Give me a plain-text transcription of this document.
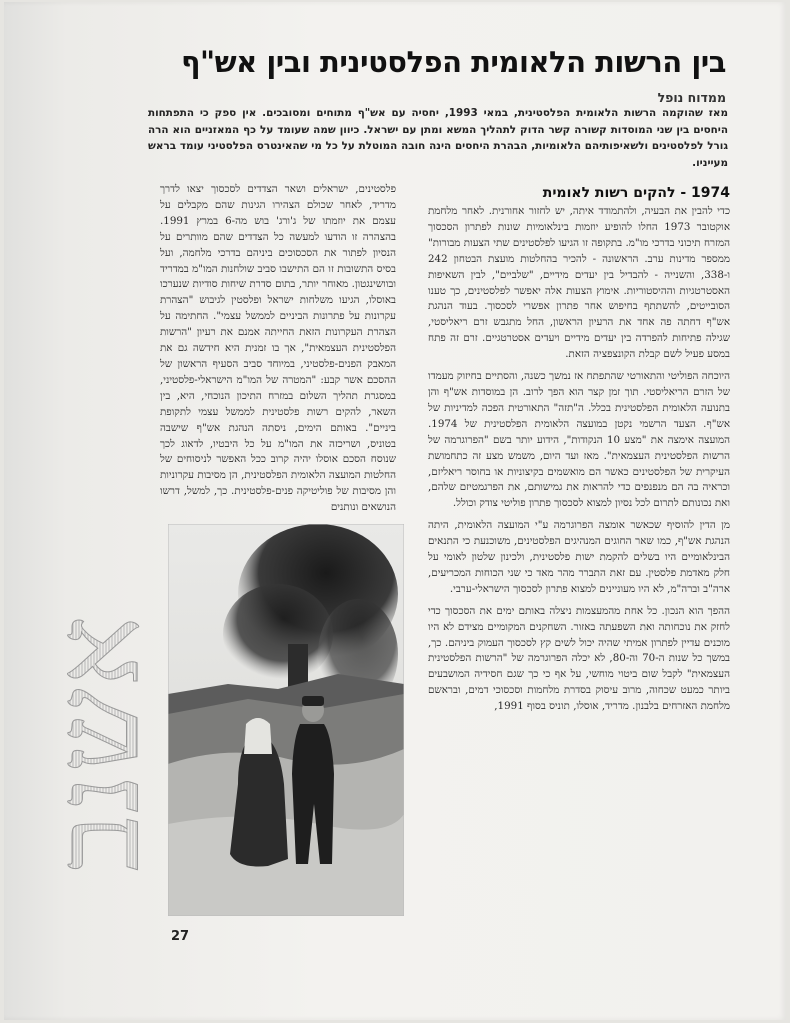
בין הרשות הלאומית הפלסטינית ובין אש"ף
ממדוח נופל
מאז שהוקמה הרשות הלאומית הפלסטינית, במאי 1993, יחסיה עם אש"ף מתוחים ומסובכים. אין ספק כי התפתחות היחסים בין שני המוסדות קשורה קשר הדוק לתהליך המשא ומתן עם ישראל. כיוון שמה שעומד על כף המאזניים הוא הרה גורל לפלסטינים ולשאיפותיהם הלאומיות, הבהרת היחסים הינה חובה המוטלת על כל מי שהאינטרס הפלסטיני עומד בראש מעייניו.
1974 - להקים רשות לאומית

כדי להבין את הבעיה, ולהתמודד איתה, יש לחזור אחורנית. לאחר מלחמת אוקטובר 1973 החלו להופיע יוזמות בינלאומיות שונות לפתרון הסכסוך המזרח תיכוני בדרכי מו"מ. בתקופה זו הגיעו לפלסטינים שתי הצעות מבורות" ממספר מדינות ערב. הראשונה - להכיר בהחלטות מועצת הבטחון 242 ו-338, והשנייה - להבדיל בין יעדים מידיים, "שלביים", לבין השאיפות האסטרטגיות וההיסטוריות. אימוץ הצעות אלה יאפשר לפלסטינים, כך טענו הסובייטים, להשתתף בחיפוש אחר פתרון אפשרי לסכסוך. בעוד הנהגת אש"ף דחתה פה אחד את הרעיון הראשון, החל מתגבש זרם ריאליסטי, שגילה פתיחות להפרדה בין יעדים מידיים ויעדים אסטרטגיים. זרם זה פתח במסע פעיל לשם קבלת הקונצפציה הזאת.

היוכחה הפוליטי והתאורטי שהתפתח אז נמשך כשנה, והסתיים בחיזוק מעמדו של הזרם הריאליסטי. תוך זמן קצר הוא הפך לרוב. הן במוסדות אש"ף והן בתנועה הלאומית הפלסטינית בכלל. ה"תזה" התאורטית הפכה למדיניות של אש"ף. הצעד הרשמי נקטן במועצה הלאומית הפלסטינית של 1974. המועצה אימצה את "מצע 10 הנקודות", הידוע יותר בשם "הפרוגרמה של הרשות הפלסטינית העצמאית". מאז ועד היום, משמש מצע זה כתחמושת העיקרית של הפלסטינים כאשר הם מואשמים בקיצוניות או בחוסר ריאליזם, וכראיה בה הם מנפנפים כדי להראות את גמישותם, את הפרגמטיזם שלהם, ואת נכונותם לתרום לכל נסיון למצוא לסכסוך פתרון פוליטי צודק וכולל.

מן הדין להוסיף שכאשר אומצה הפרוגרמה ע"י המועצה הלאומית, היתה הנהגת אש"ף, כמו שאר החוגים המנהיגים הפלסטינים, משוכנעת כי התנאים הבינלאומיים היו בשלים להקמת ישות פלסטינית, ולכינון שלטון לאומי על חלק מאדמת פלסטין. עם זאת התברר מהר מאד כי שני הכוחות המכריעים, ארה"ב וברה"מ, לא היו מעוניינים למצוא פתרון לסכסוך הישראלי-ערבי.

ההפך הוא הנכון. כל אחת מהמעצמות ניצלה באותם ימים את הסכסוך כדי לחזק את נוכחותה ואת השפעתה באזור. השחקנים המקומיים מצידם לא היו מוכנים עדיין לפתרון אמיתי שהיה יכול לשים קץ לסכסוך העמוק ביניהם. כך, במשך כל שנות ה-70 וה-80, לא יכלה הפרוגרמה של "הרשות הפלסטינית העצמאית" לקבל שום ביטוי מוחשי, על אף כי כך שגם חסידיה המושבעים ביותר כמעט שכחוה, מרוב עיסוק בסדרת מלחמות וסכסוכי דמים, ובראשם מלחמת האזרחים בלבנון. מדריד, אוסלו, תוניס בסוף 1991,

פלסטינים, ישראלים ושאר הצדדים לסכסוך יצאו לדרך מדריד, לאחר שכולם הצהירו הגינות שהם מקבלים על עצמם את יוזמתו של ג'ורג' בוש מה-6 במרץ 1991. בהצהרה זו הודעו למעשה כל הצדדים שהם מוותרים על הנסיון לפתור את הסכסוכים ביניהם בדרכי מלחמה, ועל בסיס התשובות זו הם התישבו סביב שולחנות המו"מ במדריד ובוושינגטון. מאוחר יותר, בתום סדרת שיחות סודיות שנערכו באוסלו, הגיעו משלחות ישראל ופלסטין לגיבוש "הצהרת עקרונות על פתרונות הביניים לממשל עצמי". החתימה על הצהרת העקרונות הזאת החייתה אמנם את רעיון "הרשות הפלסטינית העצמאית", אך בו זמנית היא חידשה גם את המאבק הפנים-פלסטיני, במיוחד סביב הסעיף הראשון של ההסכם אשר קבע: "המטרה של המו"מ הישראלי-פלסטיני, במסגרת תהליך השלום במזרח התיכון הנוכחי, היא, בין השאר, להקים רשות פלסטינית לממשל עצמי לתקופת ביניים". באותם הימים, ניסתה הנהגת אש"ף שישבה בטוניס, ושריכזה את המו"מ על כל היבטיו, לדאוג לכך שנוסח הסכם אוסלו יהיה קרוב ככל האפשר לניסוחים של החלטות המועצה הלאומית הפלסטינית, הן מסיבות עקרוניות והן מסיבות של פוליטיקה פנים-פלסטינית. כך, למשל, דרשו הנושאים ונותנים

27
אשנב
